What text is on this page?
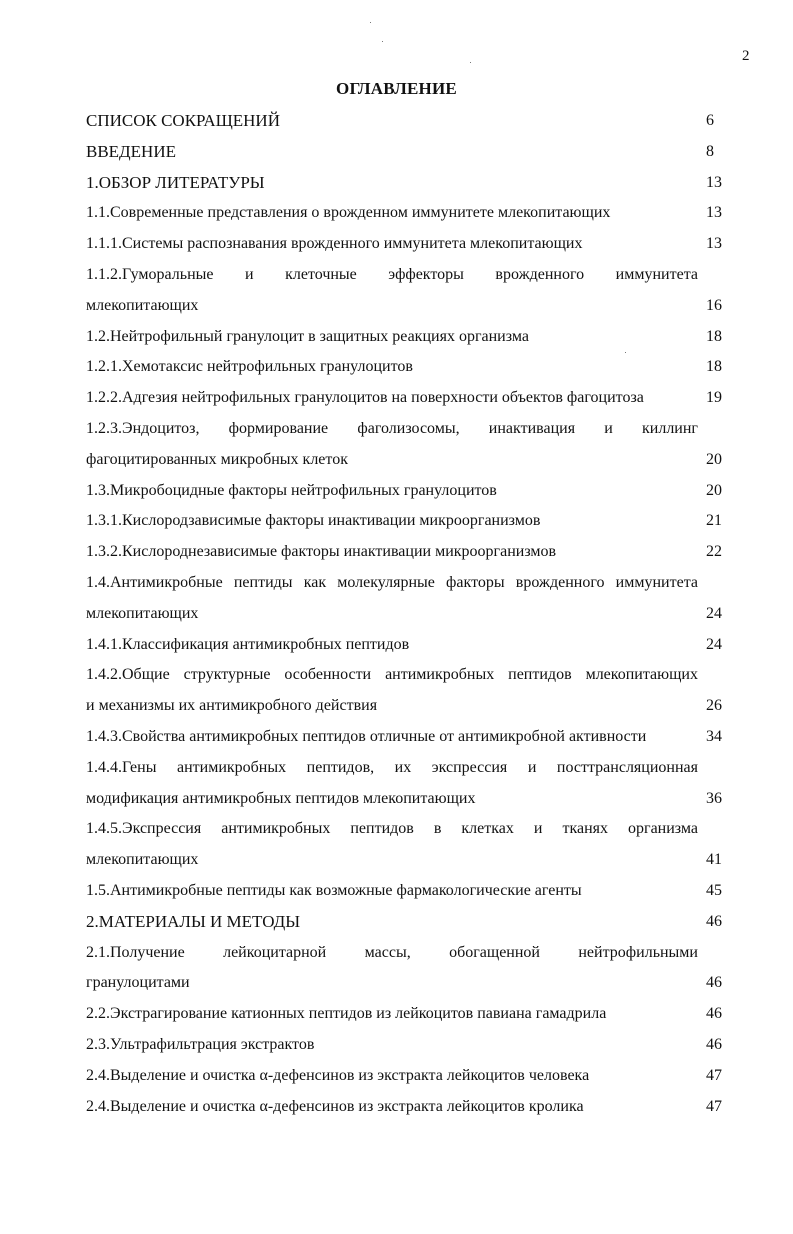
2
ОГЛАВЛЕНИЕ
СПИСОК СОКРАЩЕНИЙ	6
ВВЕДЕНИЕ	8
1.ОБЗОР ЛИТЕРАТУРЫ	13
1.1.Современные представления о врожденном иммунитете млекопитающих	13
1.1.1.Системы распознавания врожденного иммунитета млекопитающих	13
1.1.2.Гуморальные и клеточные эффекторы врожденного иммунитета
млекопитающих	16
1.2.Нейтрофильный гранулоцит в защитных реакциях организма	18
1.2.1.Хемотаксис нейтрофильных гранулоцитов	18
1.2.2.Адгезия нейтрофильных гранулоцитов на поверхности объектов фагоцитоза	19
1.2.3.Эндоцитоз, формирование фаголизосомы, инактивация и киллинг
фагоцитированных микробных клеток	20
1.3.Микробоцидные факторы нейтрофильных гранулоцитов	20
1.3.1.Кислородзависимые факторы инактивации микроорганизмов	21
1.3.2.Кислороднезависимые факторы инактивации микроорганизмов	22
1.4.Антимикробные пептиды как молекулярные факторы врожденного иммунитета
млекопитающих	24
1.4.1.Классификация антимикробных пептидов	24
1.4.2.Общие структурные особенности антимикробных пептидов млекопитающих
и механизмы их антимикробного действия	26
1.4.3.Свойства антимикробных пептидов отличные от антимикробной активности	34
1.4.4.Гены антимикробных пептидов, их экспрессия и посттрансляционная
модификация антимикробных пептидов млекопитающих	36
1.4.5.Экспрессия антимикробных пептидов в клетках и тканях организма
млекопитающих	41
1.5.Антимикробные пептиды как возможные фармакологические агенты	45
2.МАТЕРИАЛЫ И МЕТОДЫ	46
2.1.Получение лейкоцитарной массы, обогащенной нейтрофильными
гранулоцитами	46
2.2.Экстрагирование катионных пептидов из лейкоцитов павиана гамадрила	46
2.3.Ультрафильтрация экстрактов	46
2.4.Выделение и очистка α-дефенсинов из экстракта лейкоцитов человека	47
2.4.Выделение и очистка α-дефенсинов из экстракта лейкоцитов кролика	47
